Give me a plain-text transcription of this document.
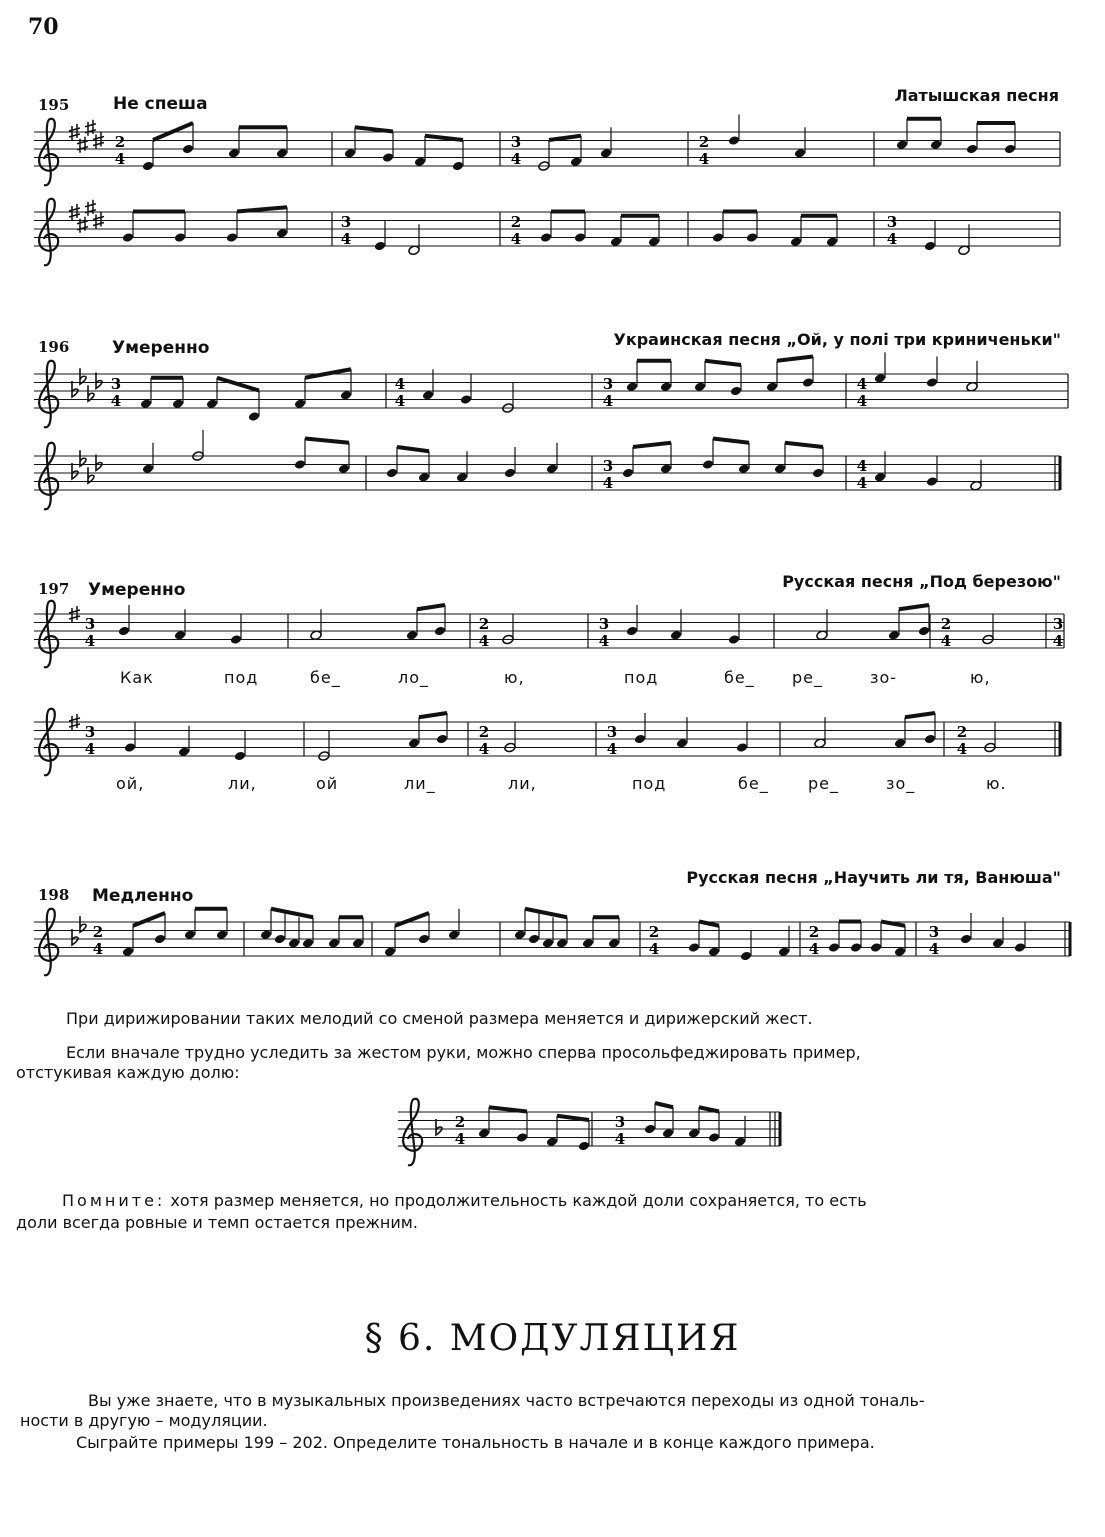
70
195	Не спеша	Латышская песня
2
4
3
4
2
4
3
4
2
4
3
4
3
4
4
4
3
4
4
4
3
4
4
4
3
4
2
4
3
4
2
4
3
4
3
4
2
4
3
4
2
4
2
4
2
4
2
4
3
4
2
4
3
4
196	Умеренно	Украинская песня „Ой, у полі три криниченьки"
197 Умеренно	Русская песня „Под березою"
Как	под	бе_	ло_	ю,	под	бе_ ре_	зо-	ю,
ой,	ли,	ой	ли_	ли,	под	бе_ ре_	зо_	ю.
198 Медленно
Русская песня „Научить ли тя, Ванюша"
При дирижировании таких мелодий со сменой размера меняется и дирижерский жест.
Если вначале трудно уследить за жестом руки, можно сперва просольфеджировать пример,
отстукивая каждую долю:
Помните: хотя размер меняется, но продолжительность каждой доли сохраняется, то есть
доли всегда ровные и темп остается прежним.
§ 6. МОДУЛЯЦИЯ
Вы уже знаете, что в музыкальных произведениях часто встречаются переходы из одной тональ-
ности в другую – модуляции.
Сыграйте примеры 199 – 202. Определите тональность в начале и в конце каждого примера.
